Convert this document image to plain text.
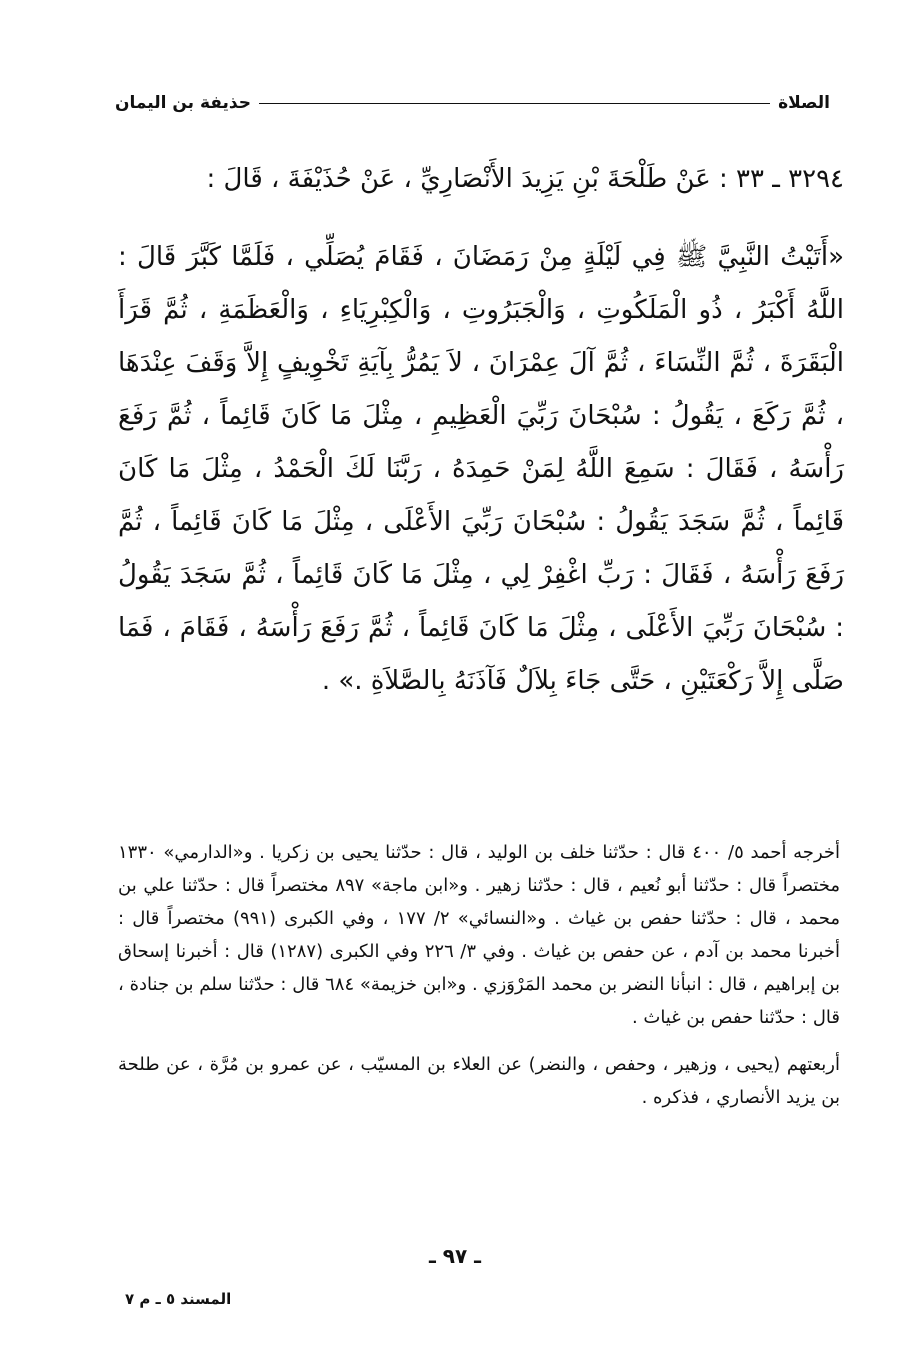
الصلاة
حذيفة بن اليمان

٣٢٩٤ ـ ٣٣ : عَنْ طَلْحَةَ بْنِ يَزِيدَ الأَنْصَارِيِّ ، عَنْ حُذَيْفَةَ ، قَالَ :

«أَتَيْتُ النَّبِيَّ ﷺ فِي لَيْلَةٍ مِنْ رَمَضَانَ ، فَقَامَ يُصَلِّي ، فَلَمَّا كَبَّرَ قَالَ : اللَّهُ أَكْبَرُ ، ذُو الْمَلَكُوتِ ، وَالْجَبَرُوتِ ، وَالْكِبْرِيَاءِ ، وَالْعَظَمَةِ ، ثُمَّ قَرَأَ الْبَقَرَةَ ، ثُمَّ النِّسَاءَ ، ثُمَّ آلَ عِمْرَانَ ، لاَ يَمُرُّ بِآيَةِ تَخْوِيفٍ إِلاَّ وَقَفَ عِنْدَهَا ، ثُمَّ رَكَعَ ، يَقُولُ : سُبْحَانَ رَبِّيَ الْعَظِيمِ ، مِثْلَ مَا كَانَ قَائِماً ، ثُمَّ رَفَعَ رَأْسَهُ ، فَقَالَ : سَمِعَ اللَّهُ لِمَنْ حَمِدَهُ ، رَبَّنَا لَكَ الْحَمْدُ ، مِثْلَ مَا كَانَ قَائِماً ، ثُمَّ سَجَدَ يَقُولُ : سُبْحَانَ رَبِّيَ الأَعْلَى ، مِثْلَ مَا كَانَ قَائِماً ، ثُمَّ رَفَعَ رَأْسَهُ ، فَقَالَ : رَبِّ اغْفِرْ لِي ، مِثْلَ مَا كَانَ قَائِماً ، ثُمَّ سَجَدَ يَقُولُ : سُبْحَانَ رَبِّيَ الأَعْلَى ، مِثْلَ مَا كَانَ قَائِماً ، ثُمَّ رَفَعَ رَأْسَهُ ، فَقَامَ ، فَمَا صَلَّى إِلاَّ رَكْعَتَيْنِ ، حَتَّى جَاءَ بِلاَلٌ فَآذَنَهُ بِالصَّلاَةِ .» .

أخرجه أحمد ٥/ ٤٠٠ قال : حدّثنا خلف بن الوليد ، قال : حدّثنا يحيى بن زكريا . و«الدارمي» ١٣٣٠ مختصراً قال : حدّثنا أبو نُعيم ، قال : حدّثنا زهير . و«ابن ماجة» ٨٩٧ مختصراً قال : حدّثنا علي بن محمد ، قال : حدّثنا حفص بن غياث . و«النسائي» ٢/ ١٧٧ ، وفي الكبرى (٩٩١) مختصراً قال : أخبرنا محمد بن آدم ، عن حفص بن غياث . وفي ٣/ ٢٢٦ وفي الكبرى (١٢٨٧) قال : أخبرنا إسحاق بن إبراهيم ، قال : انبأنا النضر بن محمد المَرْوَزي . و«ابن خزيمة» ٦٨٤ قال : حدّثنا سلم بن جنادة ، قال : حدّثنا حفص بن غياث .

أربعتهم (يحيى ، وزهير ، وحفص ، والنضر) عن العلاء بن المسيّب ، عن عمرو بن مُرَّة ، عن طلحة بن يزيد الأنصاري ، فذكره .

ـ ٩٧ ـ
المسند ٥ ـ م ٧
